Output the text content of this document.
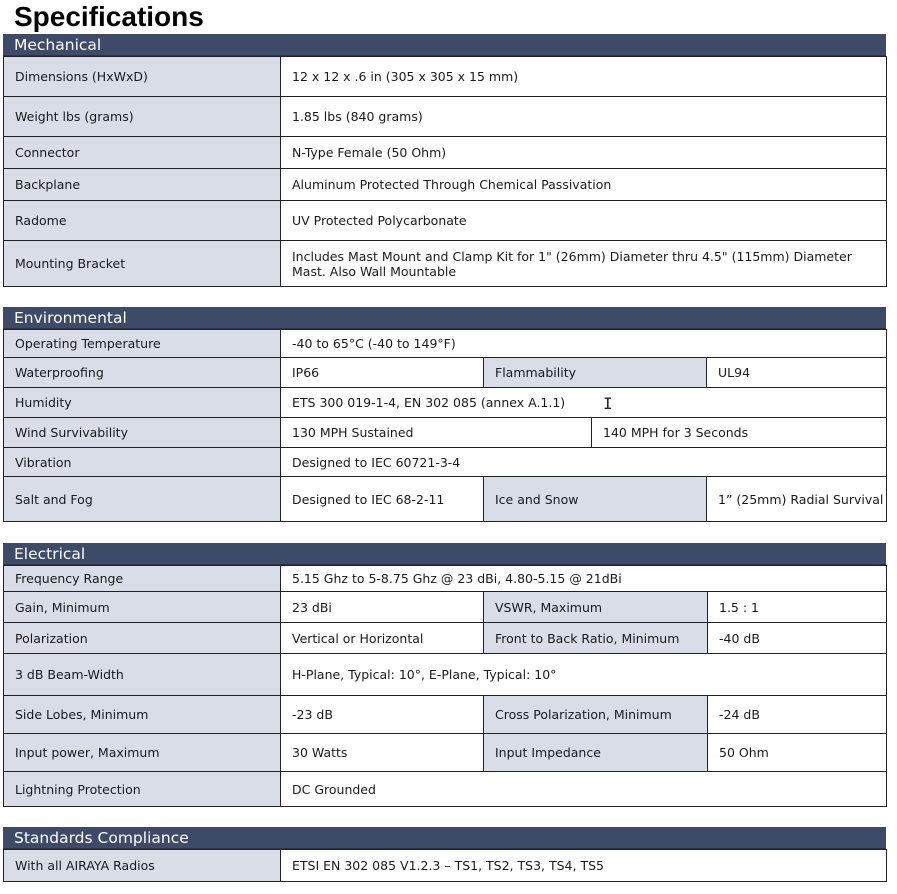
Specifications
Mechanical
Dimensions (HxWxD)	12 x 12 x .6 in (305 x 305 x 15 mm)
Weight lbs (grams)	1.85 lbs (840 grams)
Connector	N-Type Female (50 Ohm)
Backplane	Aluminum Protected Through Chemical Passivation
Radome	UV Protected Polycarbonate
Mounting Bracket	Includes Mast Mount and Clamp Kit for 1" (26mm) Diameter thru 4.5" (115mm) Diameter Mast. Also Wall Mountable
Environmental
Operating Temperature	-40 to 65°C (-40 to 149°F)			
Waterproofing	IP66	Flammability		UL94
Humidity	ETS 300 019-1-4, EN 302 085 (annex A.1.1)			
Wind Survivability	130 MPH Sustained		140 MPH for 3 Seconds	
Vibration	Designed to IEC 60721-3-4			
Salt and Fog	Designed to IEC 68-2-11	Ice and Snow		1” (25mm) Radial Survival
Electrical
Frequency Range	5.15 Ghz to 5-8.75 Ghz @ 23 dBi, 4.80-5.15 @ 21dBi		
Gain, Minimum	23 dBi	VSWR, Maximum	1.5 : 1
Polarization	Vertical or Horizontal	Front to Back Ratio, Minimum	-40 dB
3 dB Beam-Width	H-Plane, Typical: 10°, E-Plane, Typical: 10°		
Side Lobes, Minimum	-23 dB	Cross Polarization, Minimum	-24 dB
Input power, Maximum	30 Watts	Input Impedance	50 Ohm
Lightning Protection	DC Grounded		
Standards Compliance
With all AIRAYA Radios	ETSI EN 302 085 V1.2.3 – TS1, TS2, TS3, TS4, TS5
I
